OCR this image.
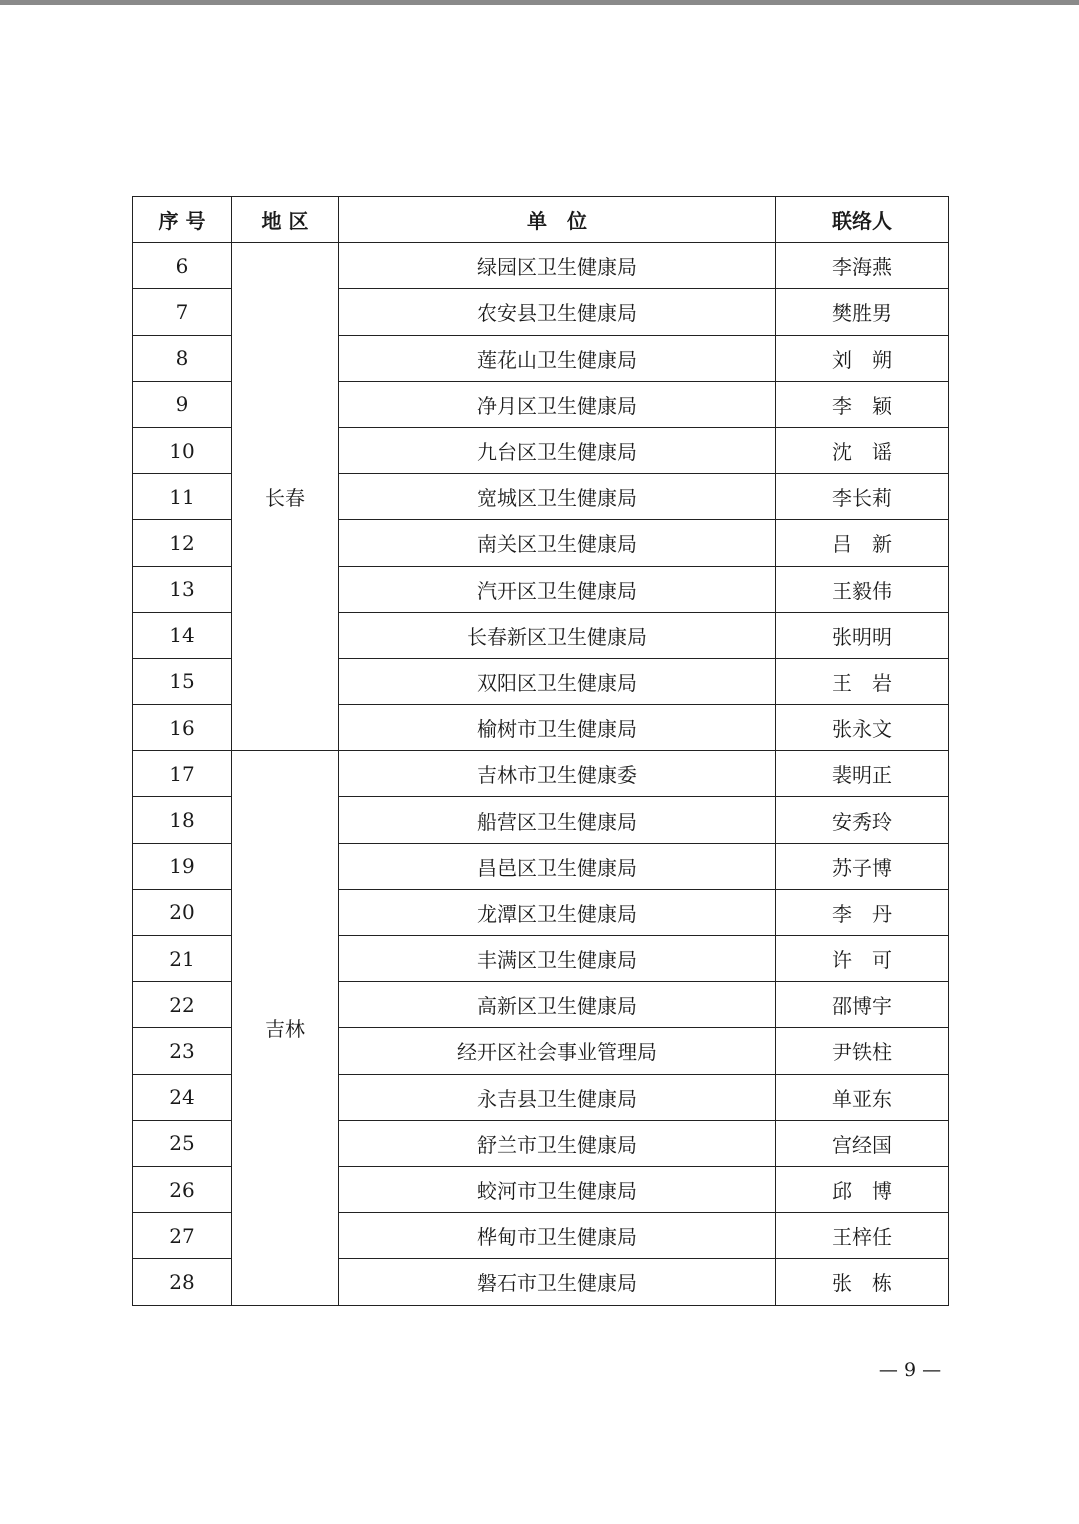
序 号	地 区	单　位	联络人
6	长春	绿园区卫生健康局	李海燕
7		农安县卫生健康局	樊胜男
8		莲花山卫生健康局	刘　朔
9		净月区卫生健康局	李　颖
10		九台区卫生健康局	沈　谣
11		宽城区卫生健康局	李长莉
12		南关区卫生健康局	吕　新
13		汽开区卫生健康局	王毅伟
14		长春新区卫生健康局	张明明
15		双阳区卫生健康局	王　岩
16		榆树市卫生健康局	张永文
17	吉林	吉林市卫生健康委	裴明正
18		船营区卫生健康局	安秀玲
19		昌邑区卫生健康局	苏子博
20		龙潭区卫生健康局	李　丹
21		丰满区卫生健康局	许　可
22		高新区卫生健康局	邵博宇
23		经开区社会事业管理局	尹铁柱
24		永吉县卫生健康局	单亚东
25		舒兰市卫生健康局	宫经国
26		蛟河市卫生健康局	邱　博
27		桦甸市卫生健康局	王梓任
28		磐石市卫生健康局	张　栋
— 9 —
